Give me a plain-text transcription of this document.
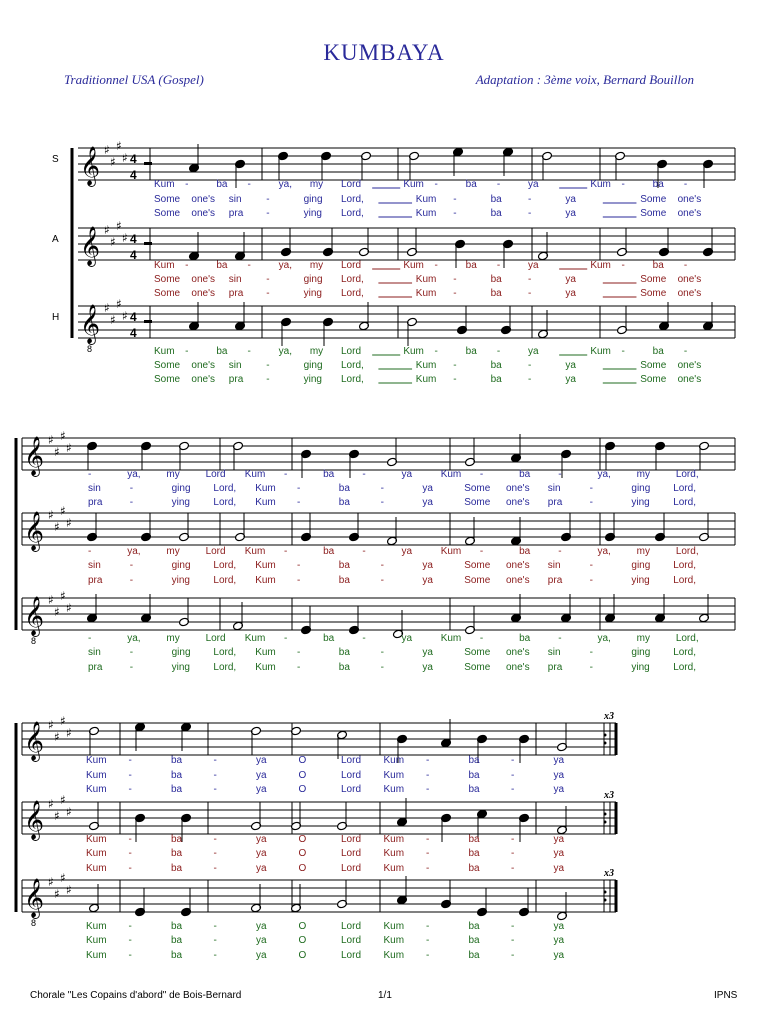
KUMBAYA
Traditionnel USA (Gospel)	Adaptation : 3ème voix, Bernard Bouillon
S 𝄞 ♯
♯
♯
♯ 4
4
Kum -	ba -	ya, my Lord	Kum -	ba -	ya	Kum -	ba -
Some one's sin -	ging Lord,	Kum -	ba	-	ya	Some one's
Some one's pra -	ying Lord,	Kum -	ba	-	ya	Some one's
A 𝄞 ♯
♯
♯
♯ 4
4
Kum -	ba -	ya, my Lord	Kum -	ba -	ya	Kum -	ba -
Some one's sin -	ging Lord,	Kum -	ba	-	ya	Some one's
Some one's pra -	ying Lord,	Kum -	ba	-	ya	Some one's
H 𝄞
8
♯
♯
♯
♯ 4
4
Kum -	ba -	ya, my Lord	Kum -	ba -	ya	Kum -	ba -
Some one's sin -	ging Lord,	Kum -	ba	-	ya	Some one's
Some one's pra -	ying Lord,	Kum -	ba	-	ya	Some one's
𝄞 ♯
♯
♯
♯
-	ya,	my	Lord Kum -	ba	-	ya	Kum -	ba	-	ya,	my	Lord,
sin	-	ging Lord, Kum -	ba	-	ya	Some one's sin	-	ging Lord,
pra	-	ying Lord, Kum -	ba	-	ya	Some one's pra	-	ying Lord,
𝄞 ♯
♯
♯
♯
-	ya,	my	Lord Kum -	ba	-	ya	Kum -	ba	-	ya,	my	Lord,
sin	-	ging Lord, Kum -	ba	-	ya	Some one's sin	-	ging Lord,
pra	-	ying Lord, Kum -	ba	-	ya	Some one's pra	-	ying Lord,
𝄞
8
♯
♯
♯
♯
-	ya,	my	Lord Kum -	ba	-	ya	Kum -	ba	-	ya,	my	Lord,
sin	-	ging Lord, Kum -	ba	-	ya	Some one's sin	-	ging Lord,
pra	-	ying Lord, Kum -	ba	-	ya	Some one's pra	-	ying Lord,
𝄞 ♯
♯
♯
♯
Kum -	ba	-	ya	O	Lord Kum -	ba	-	ya
Kum -	ba	-	ya	O	Lord Kum -	ba	-	ya
Kum -	ba	-	ya	O	Lord Kum -	ba	-	ya
𝄞 ♯
♯
♯
♯
Kum -	ba	-	ya	O	Lord Kum -	ba	-	ya
Kum -	ba	-	ya	O	Lord Kum -	ba	-	ya
Kum -	ba	-	ya	O	Lord Kum -	ba	-	ya
𝄞
8
♯
♯
♯
♯
Kum -	ba	-	ya	O	Lord Kum -	ba	-	ya
Kum -	ba	-	ya	O	Lord Kum -	ba	-	ya
Kum -	ba	-	ya	O	Lord Kum -	ba	-	ya
x3
x3
x3
Chorale "Les Copains d'abord" de Bois-Bernard	1/1	IPNS
